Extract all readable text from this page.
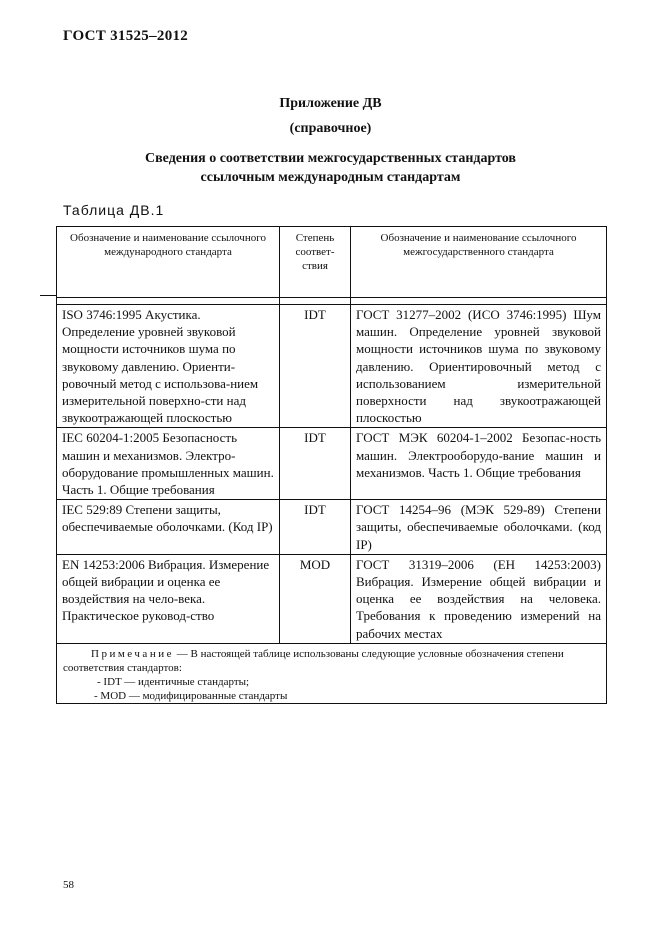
ГОСТ 31525–2012
Приложение ДВ
(справочное)
Сведения о соответствии межгосударственных стандартов
ссылочным международным стандартам
Таблица ДВ.1
Обозначение и наименование ссылочного международного стандарта	Степень соответ-ствия	Обозначение и наименование ссылочного межгосударственного стандарта

ISO 3746:1995 Акустика. Определение уровней звуковой мощности источников шума по звуковому давлению. Ориенти-ровочный метод с использова-нием измерительной поверхно-сти над звукоотражающей плоскостью	IDT	ГОСТ 31277–2002 (ИСО 3746:1995) Шум машин. Определение уровней звуковой мощности источников шума по звуковому давлению. Ориентировочный метод с использованием измерительной поверхности над звукоотражающей плоскостью
IEC 60204-1:2005 Безопасность машин и механизмов. Электро-оборудование промышленных машин. Часть 1. Общие требования	IDT	ГОСТ МЭК 60204-1–2002 Безопас-ность машин. Электрооборудо-вание машин и механизмов. Часть 1. Общие требования
IEC 529:89 Степени защиты, обеспечиваемые оболочками. (Код IP)	IDT	ГОСТ 14254–96 (МЭК 529-89) Степени защиты, обеспечиваемые оболочками. (код IP)
EN 14253:2006 Вибрация. Измерение общей вибрации и оценка ее воздействия на чело-века. Практическое руковод-ство	MOD	ГОСТ 31319–2006 (ЕН 14253:2003) Вибрация. Измерение общей вибрации и оценка ее воздействия на человека. Требования к проведению измерений на рабочих местах

Примечание — В настоящей таблице использованы следующие условные обозначения степени соответствия стандартов:
- IDT — идентичные стандарты;
- MOD — модифицированные стандарты		
58
